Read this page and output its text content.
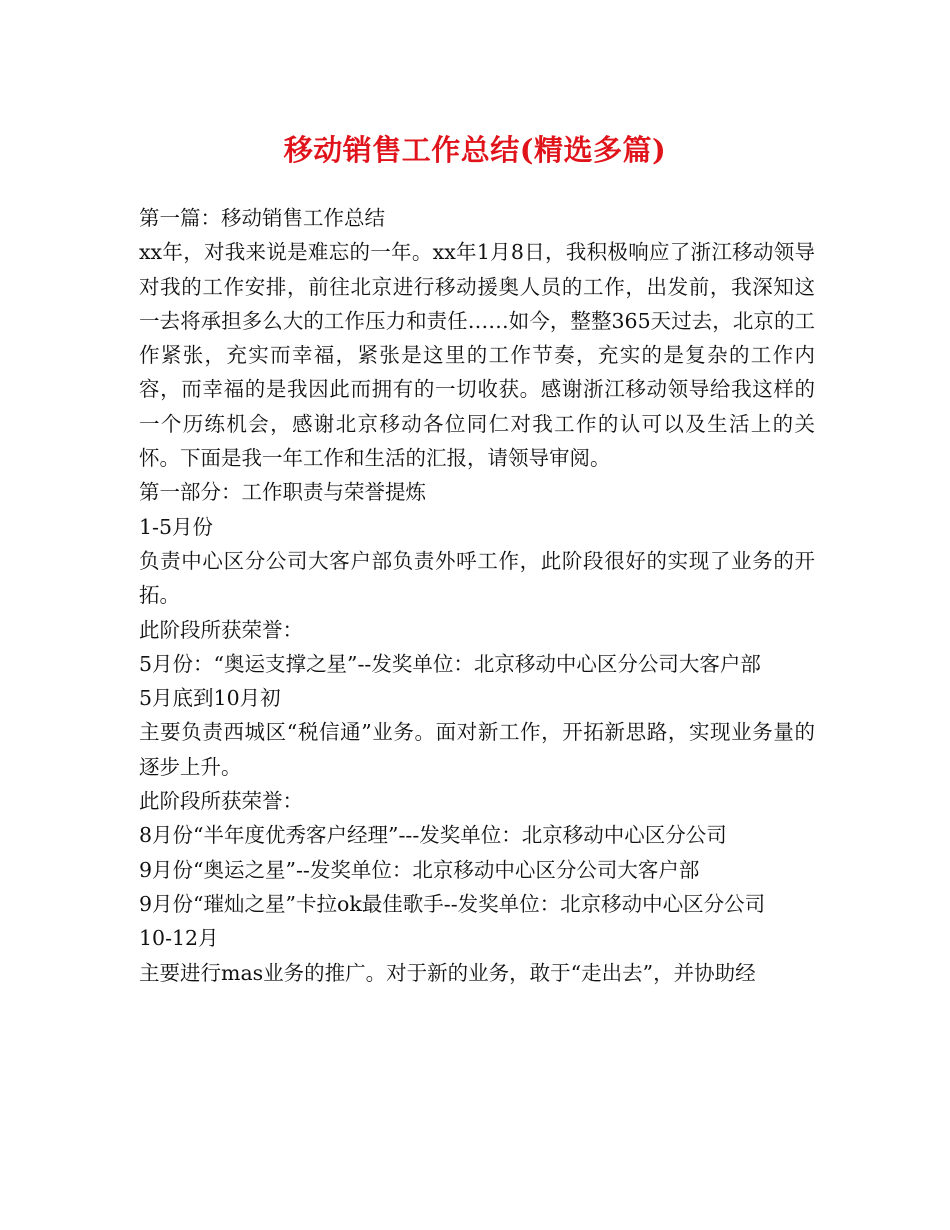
移动销售工作总结(精选多篇)

第一篇：移动销售工作总结

xx年，对我来说是难忘的一年。xx年1月8日，我积极响应了浙江移动领导对我的工作安排，前往北京进行移动援奥人员的工作，出发前，我深知这一去将承担多么大的工作压力和责任……如今，整整365天过去，北京的工作紧张，充实而幸福，紧张是这里的工作节奏，充实的是复杂的工作内容，而幸福的是我因此而拥有的一切收获。感谢浙江移动领导给我这样的一个历练机会，感谢北京移动各位同仁对我工作的认可以及生活上的关怀。下面是我一年工作和生活的汇报，请领导审阅。

第一部分：工作职责与荣誉提炼

1-5月份

负责中心区分公司大客户部负责外呼工作，此阶段很好的实现了业务的开拓。

此阶段所获荣誉：

5月份：“奥运支撑之星”--发奖单位：北京移动中心区分公司大客户部

5月底到10月初

主要负责西城区“税信通”业务。面对新工作，开拓新思路，实现业务量的逐步上升。

此阶段所获荣誉：

8月份“半年度优秀客户经理”---发奖单位：北京移动中心区分公司

9月份“奥运之星”--发奖单位：北京移动中心区分公司大客户部

9月份“璀灿之星”卡拉ok最佳歌手--发奖单位：北京移动中心区分公司

10-12月

主要进行mas业务的推广。对于新的业务，敢于“走出去”，并协助经
